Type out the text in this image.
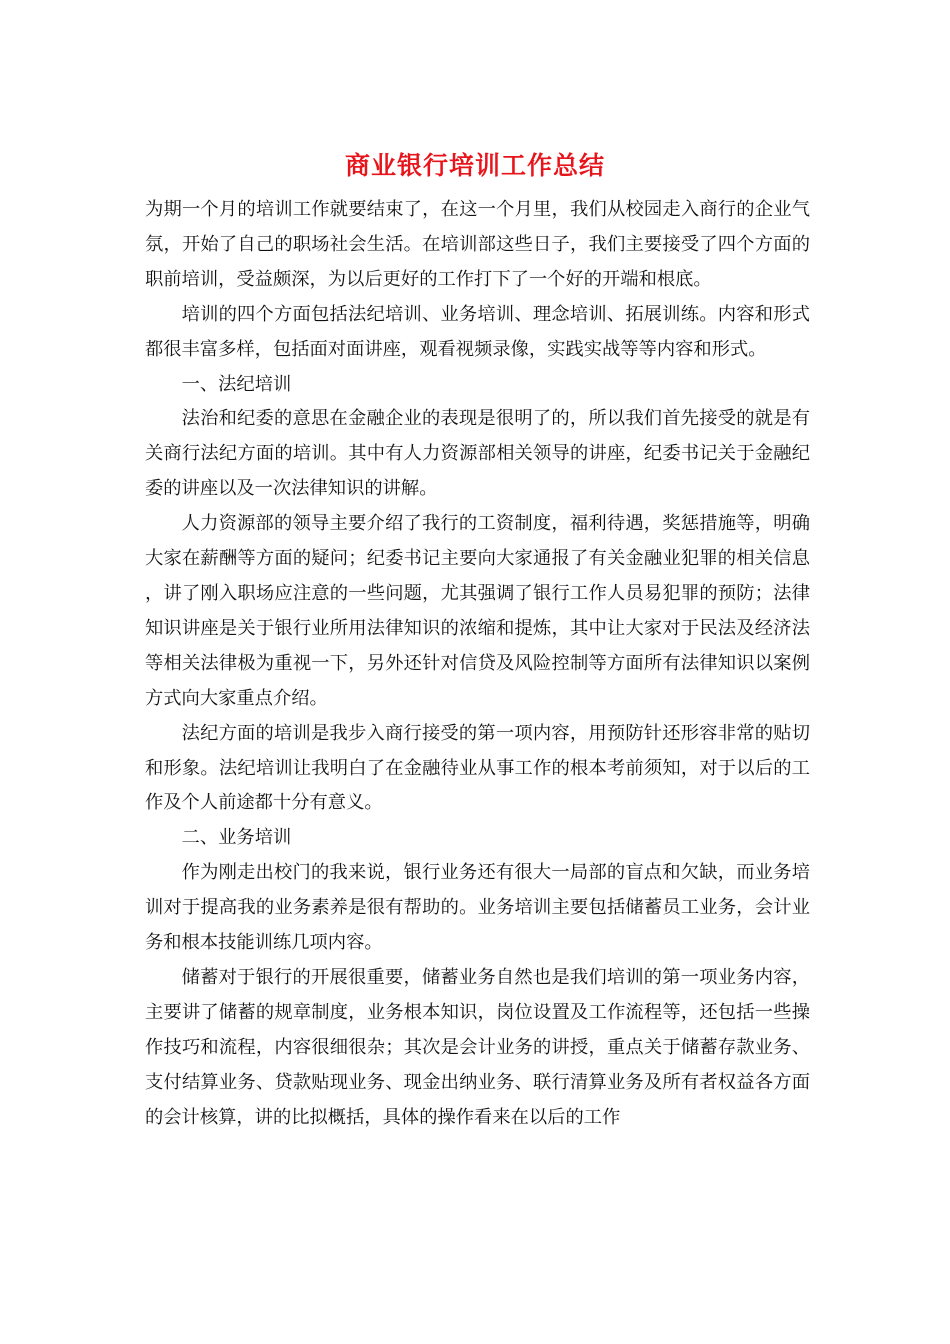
商业银行培训工作总结

为期一个月的培训工作就要结束了，在这一个月里，我们从校园走入商行的企业气氛，开始了自己的职场社会生活。在培训部这些日子，我们主要接受了四个方面的职前培训，受益颇深，为以后更好的工作打下了一个好的开端和根底。

培训的四个方面包括法纪培训、业务培训、理念培训、拓展训练。内容和形式都很丰富多样，包括面对面讲座，观看视频录像，实践实战等等内容和形式。

一、法纪培训

法治和纪委的意思在金融企业的表现是很明了的，所以我们首先接受的就是有关商行法纪方面的培训。其中有人力资源部相关领导的讲座，纪委书记关于金融纪委的讲座以及一次法律知识的讲解。

人力资源部的领导主要介绍了我行的工资制度，福利待遇，奖惩措施等，明确大家在薪酬等方面的疑问；纪委书记主要向大家通报了有关金融业犯罪的相关信息，讲了刚入职场应注意的一些问题，尤其强调了银行工作人员易犯罪的预防；法律知识讲座是关于银行业所用法律知识的浓缩和提炼，其中让大家对于民法及经济法等相关法律极为重视一下，另外还针对信贷及风险控制等方面所有法律知识以案例方式向大家重点介绍。

法纪方面的培训是我步入商行接受的第一项内容，用预防针还形容非常的贴切和形象。法纪培训让我明白了在金融待业从事工作的根本考前须知，对于以后的工作及个人前途都十分有意义。

二、业务培训

作为刚走出校门的我来说，银行业务还有很大一局部的盲点和欠缺，而业务培训对于提高我的业务素养是很有帮助的。业务培训主要包括储蓄员工业务，会计业务和根本技能训练几项内容。

储蓄对于银行的开展很重要，储蓄业务自然也是我们培训的第一项业务内容，主要讲了储蓄的规章制度，业务根本知识，岗位设置及工作流程等，还包括一些操作技巧和流程，内容很细很杂；其次是会计业务的讲授，重点关于储蓄存款业务、支付结算业务、贷款贴现业务、现金出纳业务、联行清算业务及所有者权益各方面的会计核算，讲的比拟概括，具体的操作看来在以后的工作
